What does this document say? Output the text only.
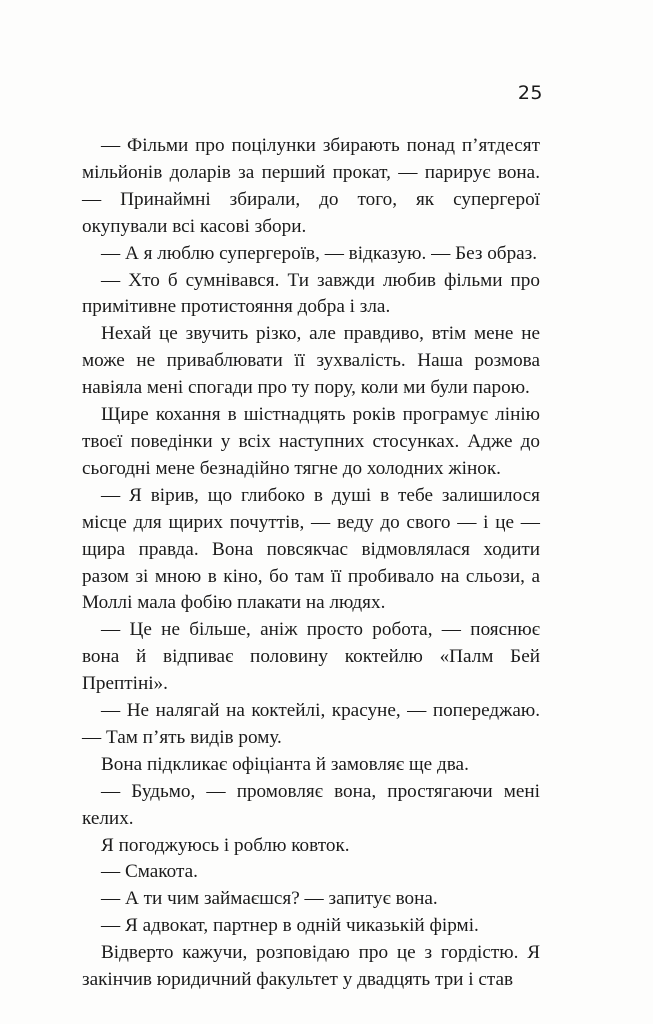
25

— Фільми про поцілунки збирають понад п’ятдесят мільйонів доларів за перший прокат, — парирує вона. — Принаймні збирали, до того, як супергерої окупували всі касові збори.

— А я люблю супергероїв, — відказую. — Без образ.

— Хто б сумнівався. Ти завжди любив фільми про примітивне протистояння добра і зла.

Нехай це звучить різко, але правдиво, втім мене не може не приваблювати її зухвалість. Наша розмова навіяла мені спогади про ту пору, коли ми були парою.

Щире кохання в шістнадцять років програмує лінію твоєї поведінки у всіх наступних стосунках. Адже до сьогодні мене безнадійно тягне до холодних жінок.

— Я вірив, що глибоко в душі в тебе залишилося місце для щирих почуттів, — веду до свого — і це — щира правда. Вона повсякчас відмовлялася ходити разом зі мною в кіно, бо там її пробивало на сльози, а Моллі мала фобію плакати на людях.

— Це не більше, аніж просто робота, — пояснює вона й відпиває половину коктейлю «Палм Бей Прептіні».

— Не налягай на коктейлі, красуне, — попереджаю. — Там п’ять видів рому.

Вона підкликає офіціанта й замовляє ще два.

— Будьмо, — промовляє вона, простягаючи мені келих.

Я погоджуюсь і роблю ковток.

— Смакота.

— А ти чим займаєшся? — запитує вона.

— Я адвокат, партнер в одній чиказькій фірмі.

Відверто кажучи, розповідаю про це з гордістю. Я закінчив юридичний факультет у двадцять три і став
